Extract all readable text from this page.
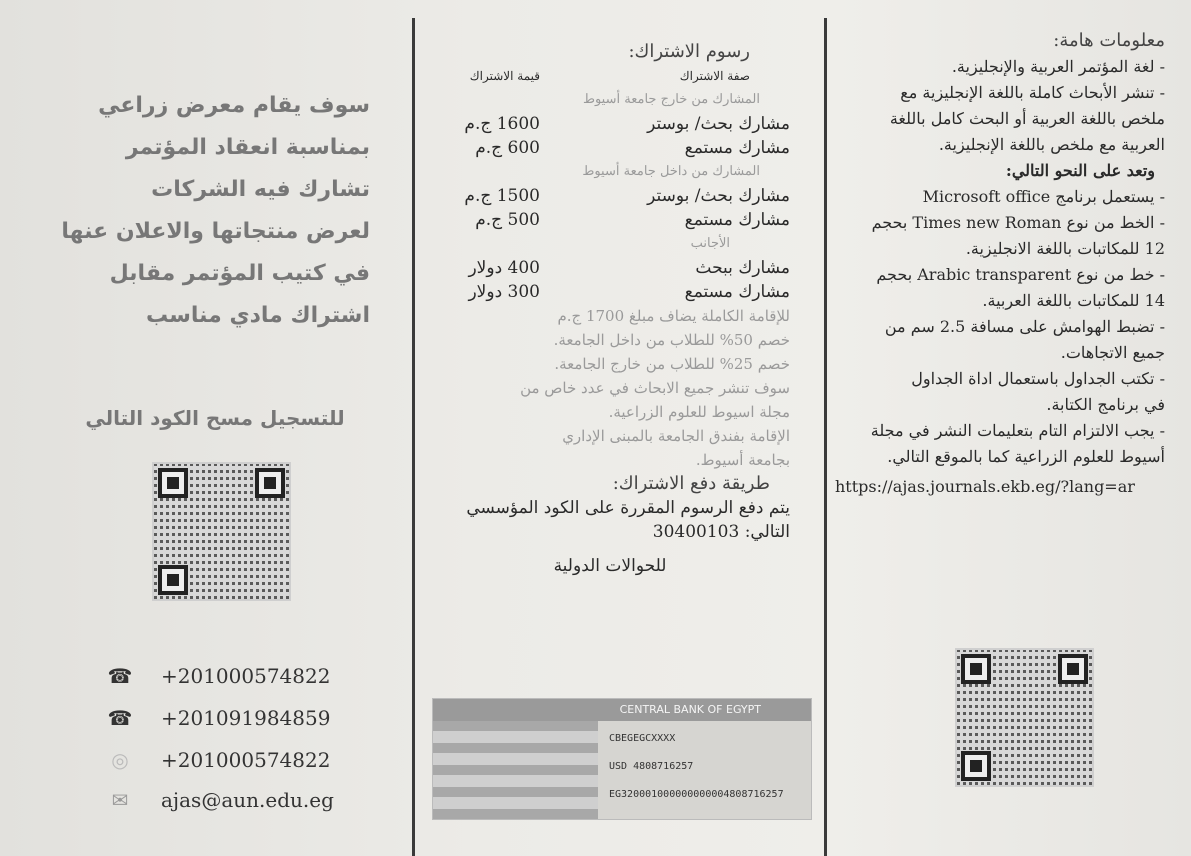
معلومات هامة:
- لغة المؤتمر العربية والإنجليزية.
- تنشر الأبحاث كاملة باللغة الإنجليزية مع
ملخص باللغة العربية أو البحث كامل باللغة
العربية مع ملخص باللغة الإنجليزية.
وتعد على النحو التالي:
- يستعمل برنامج Microsoft office
- الخط من نوع Times new Roman بحجم
12 للمكاتبات باللغة الانجليزية.
- خط من نوع Arabic transparent بحجم
14 للمكاتبات باللغة العربية.
- تضبط الهوامش على مسافة 2.5 سم من
جميع الاتجاهات.
- تكتب الجداول باستعمال اداة الجداول
في برنامج الكتابة.
- يجب الالتزام التام بتعليمات النشر في مجلة
أسيوط للعلوم الزراعية كما بالموقع التالي.
https://ajas.journals.ekb.eg/?lang=ar
رسوم الاشتراك:
صفة الاشتراك
قيمة الاشتراك
المشارك من خارج جامعة أسيوط
مشارك بحث/ بوستر
1600 ج.م
مشارك مستمع
600 ج.م
المشارك من داخل جامعة أسيوط
مشارك بحث/ بوستر
1500 ج.م
مشارك مستمع
500 ج.م
الأجانب
مشارك ببحث
400 دولار
مشارك مستمع
300 دولار
للإقامة الكاملة يضاف مبلغ 1700 ج.م
خصم 50% للطلاب من داخل الجامعة.
خصم 25% للطلاب من خارج الجامعة.
سوف تنشر جميع الابحاث في عدد خاص من
مجلة اسيوط للعلوم الزراعية.
الإقامة بفندق الجامعة بالمبنى الإداري
بجامعة أسيوط.
طريقة دفع الاشتراك:
يتم دفع الرسوم المقررة على الكود المؤسسي
التالي: 30400103
للحوالات الدولية
CENTRAL BANK OF EGYPT
CBEGEGCXXXX
USD 4808716257
EG320001000000000004808716257
سوف يقام معرض زراعي
بمناسبة انعقاد المؤتمر
تشارك فيه الشركات
لعرض منتجاتها والاعلان عنها
في كتيب المؤتمر مقابل
اشتراك مادي مناسب
للتسجيل مسح الكود التالي
☎ +201000574822
☎ +201091984859
◎	+201000574822
✉	ajas@aun.edu.eg
